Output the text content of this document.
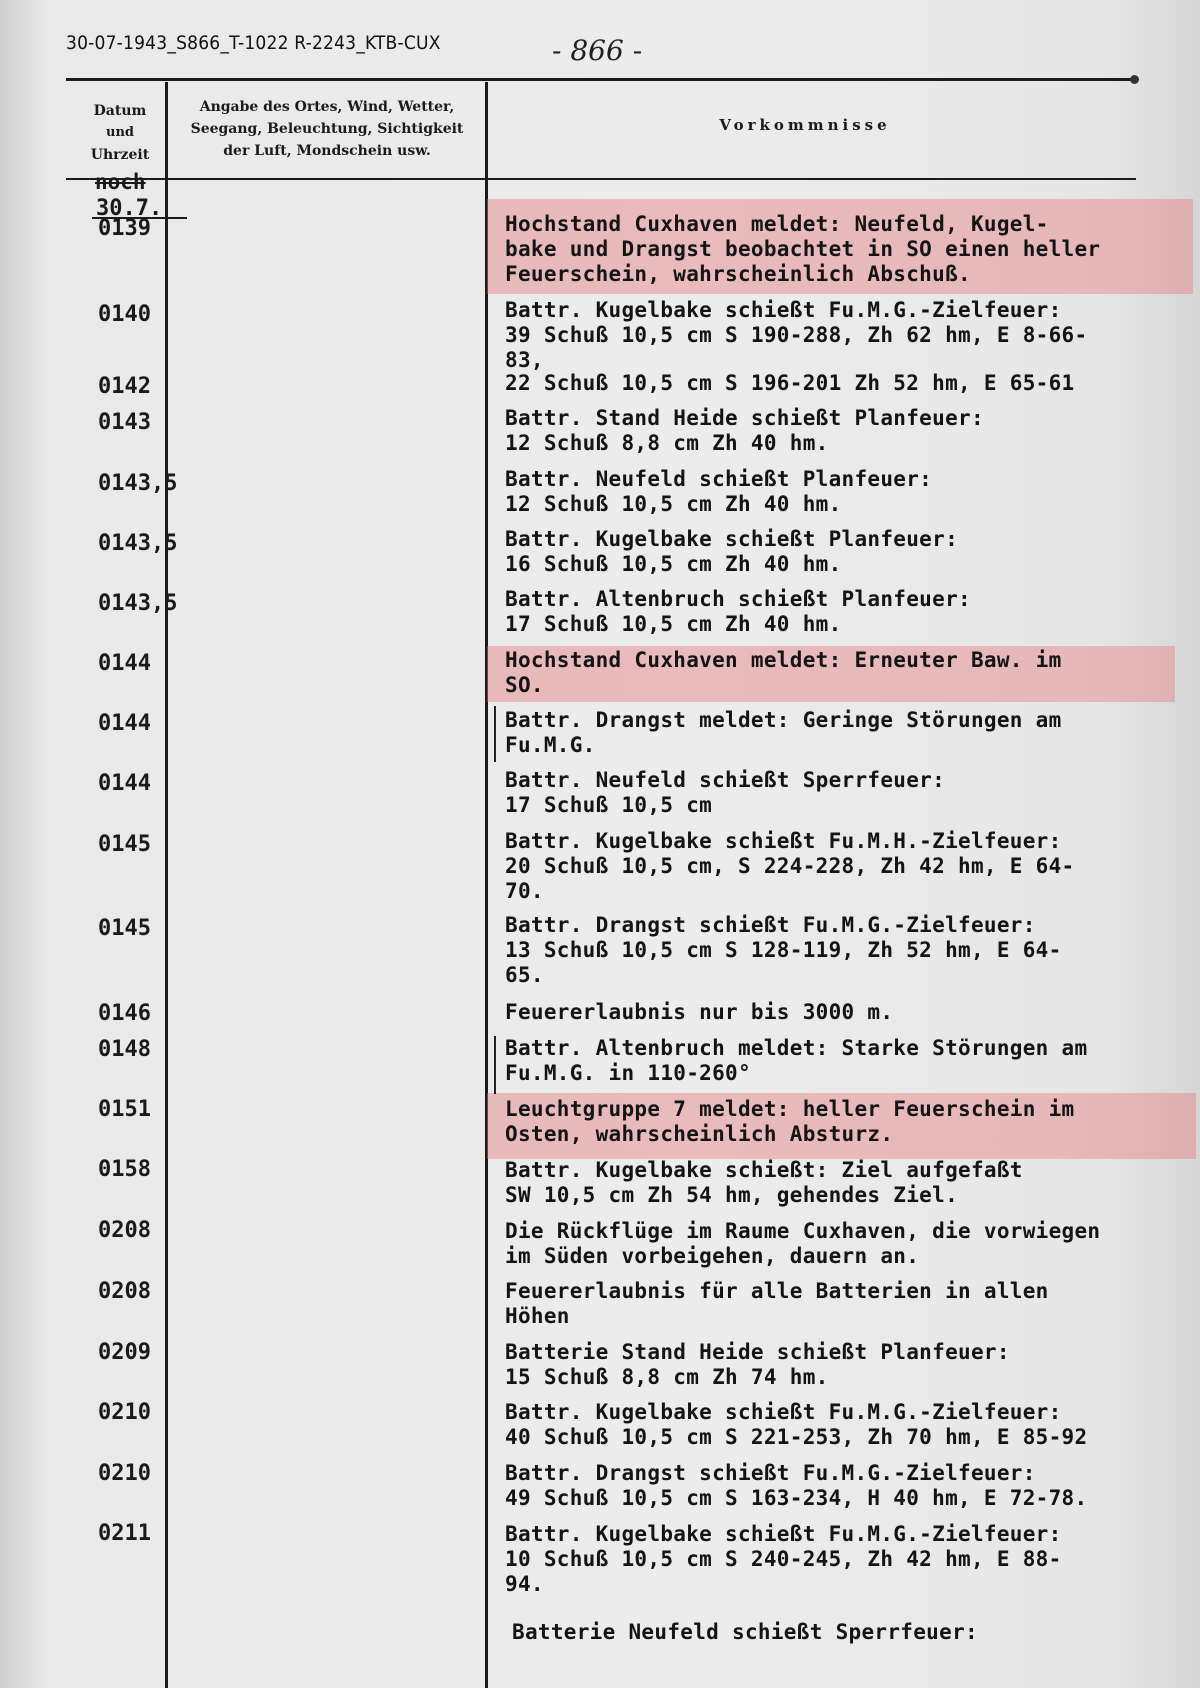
30-07-1943_S866_T-1022 R-2243_KTB-CUX	- 866 -
Datum
und
Uhrzeit
Angabe des Ortes, Wind, Wetter,
Seegang, Beleuchtung, Sichtigkeit
der Luft, Mondschein usw.
Vorkommnisse
noch
30.7.
0139	Hochstand Cuxhaven meldet: Neufeld, Kugel-
bake und Drangst beobachtet in SO einen heller
Feuerschein, wahrscheinlich Abschuß.
0140	Battr. Kugelbake schießt Fu.M.G.-Zielfeuer:
39 Schuß 10,5 cm S 190-288, Zh 62 hm, E 8-66-
83,
0142	22 Schuß 10,5 cm S 196-201 Zh 52 hm, E 65-61
0143	Battr. Stand Heide schießt Planfeuer:
12 Schuß 8,8 cm Zh 40 hm.
0143,5	Battr. Neufeld schießt Planfeuer:
12 Schuß 10,5 cm Zh 40 hm.
0143,5	Battr. Kugelbake schießt Planfeuer:
16 Schuß 10,5 cm Zh 40 hm.
0143,5	Battr. Altenbruch schießt Planfeuer:
17 Schuß 10,5 cm Zh 40 hm.
0144	Hochstand Cuxhaven meldet: Erneuter Baw. im
SO.
0144	Battr. Drangst meldet: Geringe Störungen am
Fu.M.G.
0144	Battr. Neufeld schießt Sperrfeuer:
17 Schuß 10,5 cm
0145	Battr. Kugelbake schießt Fu.M.H.-Zielfeuer:
20 Schuß 10,5 cm, S 224-228, Zh 42 hm, E 64-
70.
0145	Battr. Drangst schießt Fu.M.G.-Zielfeuer:
13 Schuß 10,5 cm S 128-119, Zh 52 hm, E 64-
65.
0146	Feuererlaubnis nur bis 3000 m.
0148	Battr. Altenbruch meldet: Starke Störungen am
Fu.M.G. in 110-260°
0151	Leuchtgruppe 7 meldet: heller Feuerschein im
Osten, wahrscheinlich Absturz.
0158	Battr. Kugelbake schießt: Ziel aufgefaßt
SW 10,5 cm Zh 54 hm, gehendes Ziel.
0208	Die Rückflüge im Raume Cuxhaven, die vorwiegen
im Süden vorbeigehen, dauern an.
0208	Feuererlaubnis für alle Batterien in allen
Höhen
0209	Batterie Stand Heide schießt Planfeuer:
15 Schuß 8,8 cm Zh 74 hm.
0210	Battr. Kugelbake schießt Fu.M.G.-Zielfeuer:
40 Schuß 10,5 cm S 221-253, Zh 70 hm, E 85-92
0210	Battr. Drangst schießt Fu.M.G.-Zielfeuer:
49 Schuß 10,5 cm S 163-234, H 40 hm, E 72-78.
0211	Battr. Kugelbake schießt Fu.M.G.-Zielfeuer:
10 Schuß 10,5 cm S 240-245, Zh 42 hm, E 88-
94.
Batterie Neufeld schießt Sperrfeuer:
